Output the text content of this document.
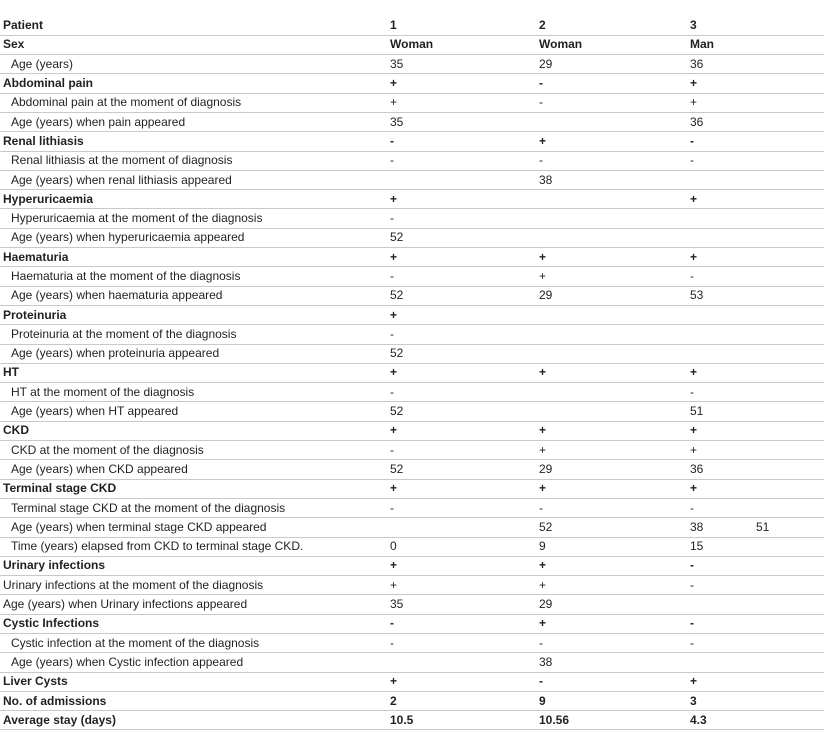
Patient	1	2	3
Sex	Woman	Woman	Man
Age (years)	35	29	36
Abdominal pain	+	-	+
Abdominal pain at the moment of diagnosis	+	-	+
Age (years) when pain appeared	35		36
Renal lithiasis	-	+	-
Renal lithiasis at the moment of diagnosis	-	-	-
Age (years) when renal lithiasis appeared		38	
Hyperuricaemia	+		+
Hyperuricaemia at the moment of the diagnosis	-		
Age (years) when hyperuricaemia appeared	52		
Haematuria	+	+	+
Haematuria at the moment of the diagnosis	-	+	-
Age (years) when haematuria appeared	52	29	53
Proteinuria	+		
Proteinuria at the moment of the diagnosis	-		
Age (years) when proteinuria appeared	52		
HT	+	+	+
HT at the moment of the diagnosis	-		-
Age (years) when HT appeared	52		51
CKD	+	+	+
CKD at the moment of the diagnosis	-	+	+
Age (years) when CKD appeared	52	29	36
Terminal stage CKD	+	+	+
Terminal stage CKD at the moment of the diagnosis	-	-	-
Age (years) when terminal stage CKD appeared		52	38 51

Time (years) elapsed from CKD to terminal stage CKD.	0	9	15
Urinary infections	+	+	-
Urinary infections at the moment of the diagnosis	+	+	-
Age (years) when Urinary infections appeared	35	29	
Cystic Infections	-	+	-
Cystic infection at the moment of the diagnosis	-	-	-
Age (years) when Cystic infection appeared		38	
Liver Cysts	+	-	+
No. of admissions	2	9	3
Average stay (days)	10.5	10.56	4.3
